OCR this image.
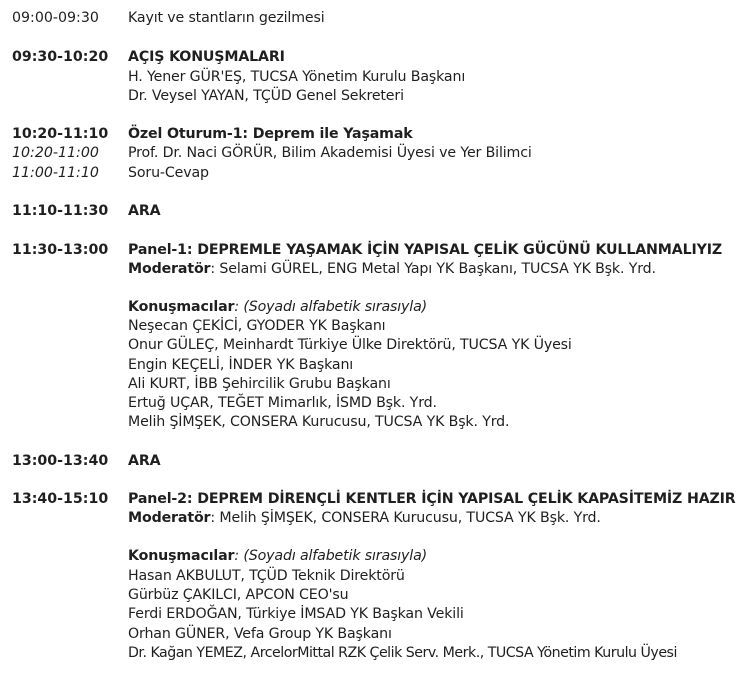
09:00-09:30 Kayıt ve stantların gezilmesi
09:30-10:20 AÇIŞ KONUŞMALARI
H. Yener GÜR'EŞ, TUCSA Yönetim Kurulu Başkanı
Dr. Veysel YAYAN, TÇÜD Genel Sekreteri
10:20-11:10 Özel Oturum-1: Deprem ile Yaşamak
10:20-11:00 Prof. Dr. Naci GÖRÜR, Bilim Akademisi Üyesi ve Yer Bilimci
11:00-11:10 Soru-Cevap
11:10-11:30 ARA
11:30-13:00 Panel-1: DEPREMLE YAŞAMAK İÇİN YAPISAL ÇELİK GÜCÜNÜ KULLANMALIYIZ
Moderatör: Selami GÜREL, ENG Metal Yapı YK Başkanı, TUCSA YK Bşk. Yrd.
Konuşmacılar: (Soyadı alfabetik sırasıyla)
Neşecan ÇEKİCİ, GYODER YK Başkanı
Onur GÜLEÇ, Meinhardt Türkiye Ülke Direktörü, TUCSA YK Üyesi
Engin KEÇELİ, İNDER YK Başkanı
Ali KURT, İBB Şehircilik Grubu Başkanı
Ertuğ UÇAR, TEĞET Mimarlık, İSMD Bşk. Yrd.
Melih ŞİMŞEK, CONSERA Kurucusu, TUCSA YK Bşk. Yrd.
13:00-13:40 ARA
13:40-15:10 Panel-2: DEPREM DİRENÇLİ KENTLER İÇİN YAPISAL ÇELİK KAPASİTEMİZ HAZIR
Moderatör: Melih ŞİMŞEK, CONSERA Kurucusu, TUCSA YK Bşk. Yrd.
Konuşmacılar: (Soyadı alfabetik sırasıyla)
Hasan AKBULUT, TÇÜD Teknik Direktörü
Gürbüz ÇAKILCI, APCON CEO'su
Ferdi ERDOĞAN, Türkiye İMSAD YK Başkan Vekili
Orhan GÜNER, Vefa Group YK Başkanı
Dr. Kağan YEMEZ, ArcelorMittal RZK Çelik Serv. Merk., TUCSA Yönetim Kurulu Üyesi
